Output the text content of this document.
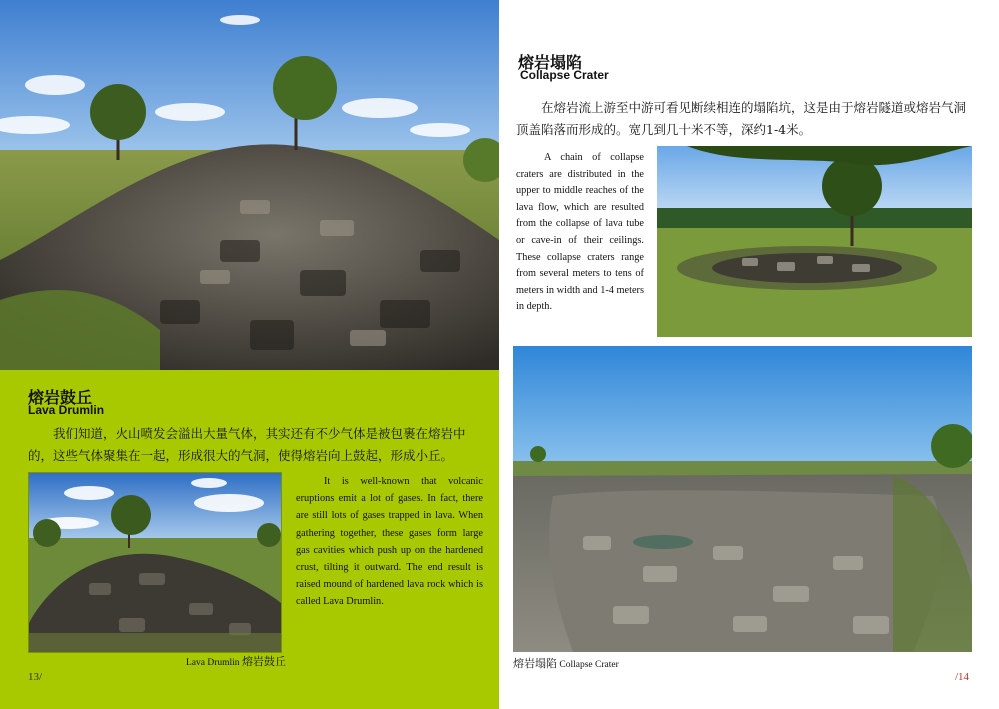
熔岩鼓丘
Lava Drumlin
我们知道，火山喷发会溢出大量气体，其实还有不少气体是被包裹在熔岩中的，这些气体聚集在一起，形成很大的气洞，使得熔岩向上鼓起，形成小丘。
It is well-known that volcanic eruptions emit a lot of gases. In fact, there are still lots of gases trapped in lava. When gathering together, these gases form large gas cavities which push up on the hardened crust, tilting it outward. The end result is raised mound of hardened lava rock which is called Lava Drumlin.
Lava Drumlin 熔岩鼓丘
13/
熔岩塌陷
Collapse Crater
在熔岩流上游至中游可看见断续相连的塌陷坑，这是由于熔岩隧道或熔岩气洞顶盖陷落而形成的。宽几到几十米不等，深约1-4米。
A chain of collapse craters are distributed in the upper to middle reaches of the lava flow, which are resulted from the collapse of lava tube or cave-in of their ceilings. These collapse craters range from several meters to tens of meters in width and 1-4 meters in depth.
熔岩塌陷 Collapse Crater
/14
